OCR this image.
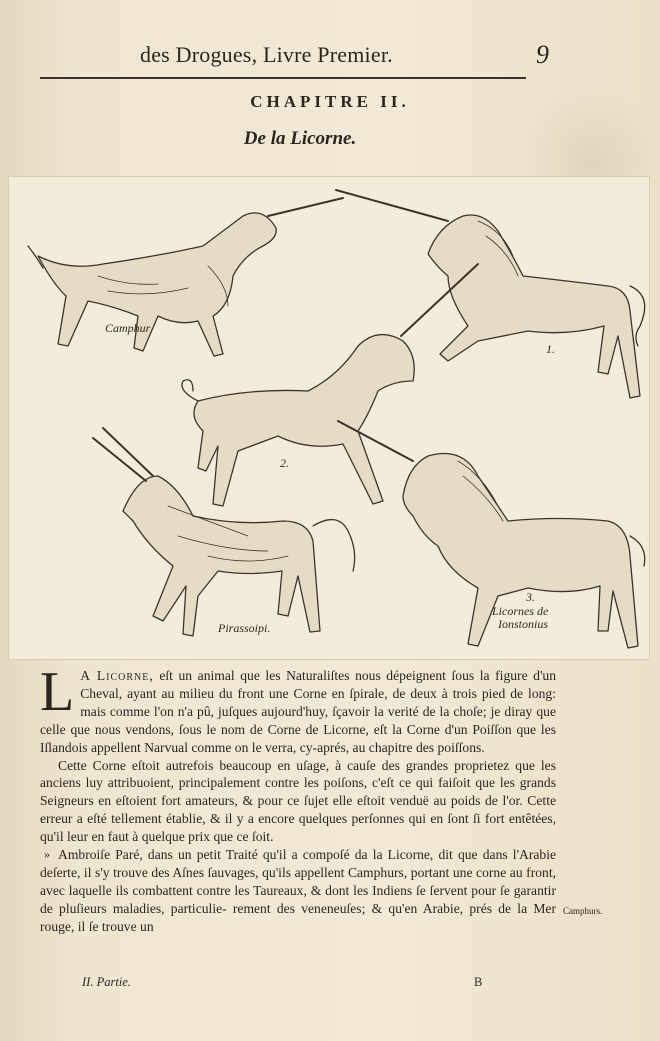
des Drogues, Livre Premier.	9
CHAPITRE II.
De la Licorne.
Camphur
1.
2.
Pirassoipi.
3.
Licornes de
Ionstonius

L A Licorne, eſt un animal que les Naturaliſtes nous dépeignent ſous la figure d'un Cheval, ayant au milieu du front une Corne en ſpirale, de deux à trois pied de long: mais comme l'on n'a pû, juſques aujourd'huy, ſçavoir la verité de la choſe; je diray que celle que nous vendons, ſous le nom de Corne de Licorne, eſt la Corne d'un Poiſſon que les Iſlandois appellent Narvual comme on le verra, cy-aprés, au chapitre des poiſſons.

Cette Corne eſtoit autrefois beaucoup en uſage, à cauſe des grandes proprietez que les anciens luy attribuoient, principalement contre les poiſons, c'eſt ce qui faiſoit que les grands Seigneurs en eſtoient fort amateurs, & pour ce ſujet elle eſtoit venduë au poids de l'or. Cette erreur a eſté tellement établie, & il y a encore quelques perſonnes qui en ſont ſi fort entêtées, qu'il leur en faut à quelque prix que ce ſoit.

» Ambroiſe Paré, dans un petit Traité qu'il a compoſé da la Licorne, dit que dans l'Arabie deſerte, il s'y trouve des Aſnes ſauvages, qu'ils appellent Camphurs, portant une corne au front, avec laquelle ils combattent contre les Taureaux, & dont les Indiens ſe ſervent pour ſe garantir de pluſieurs maladies, particulie- rement des veneneuſes; & qu'en Arabie, prés de la Mer rouge, il ſe trouve un

Camphurs.
II. Partie.	B
